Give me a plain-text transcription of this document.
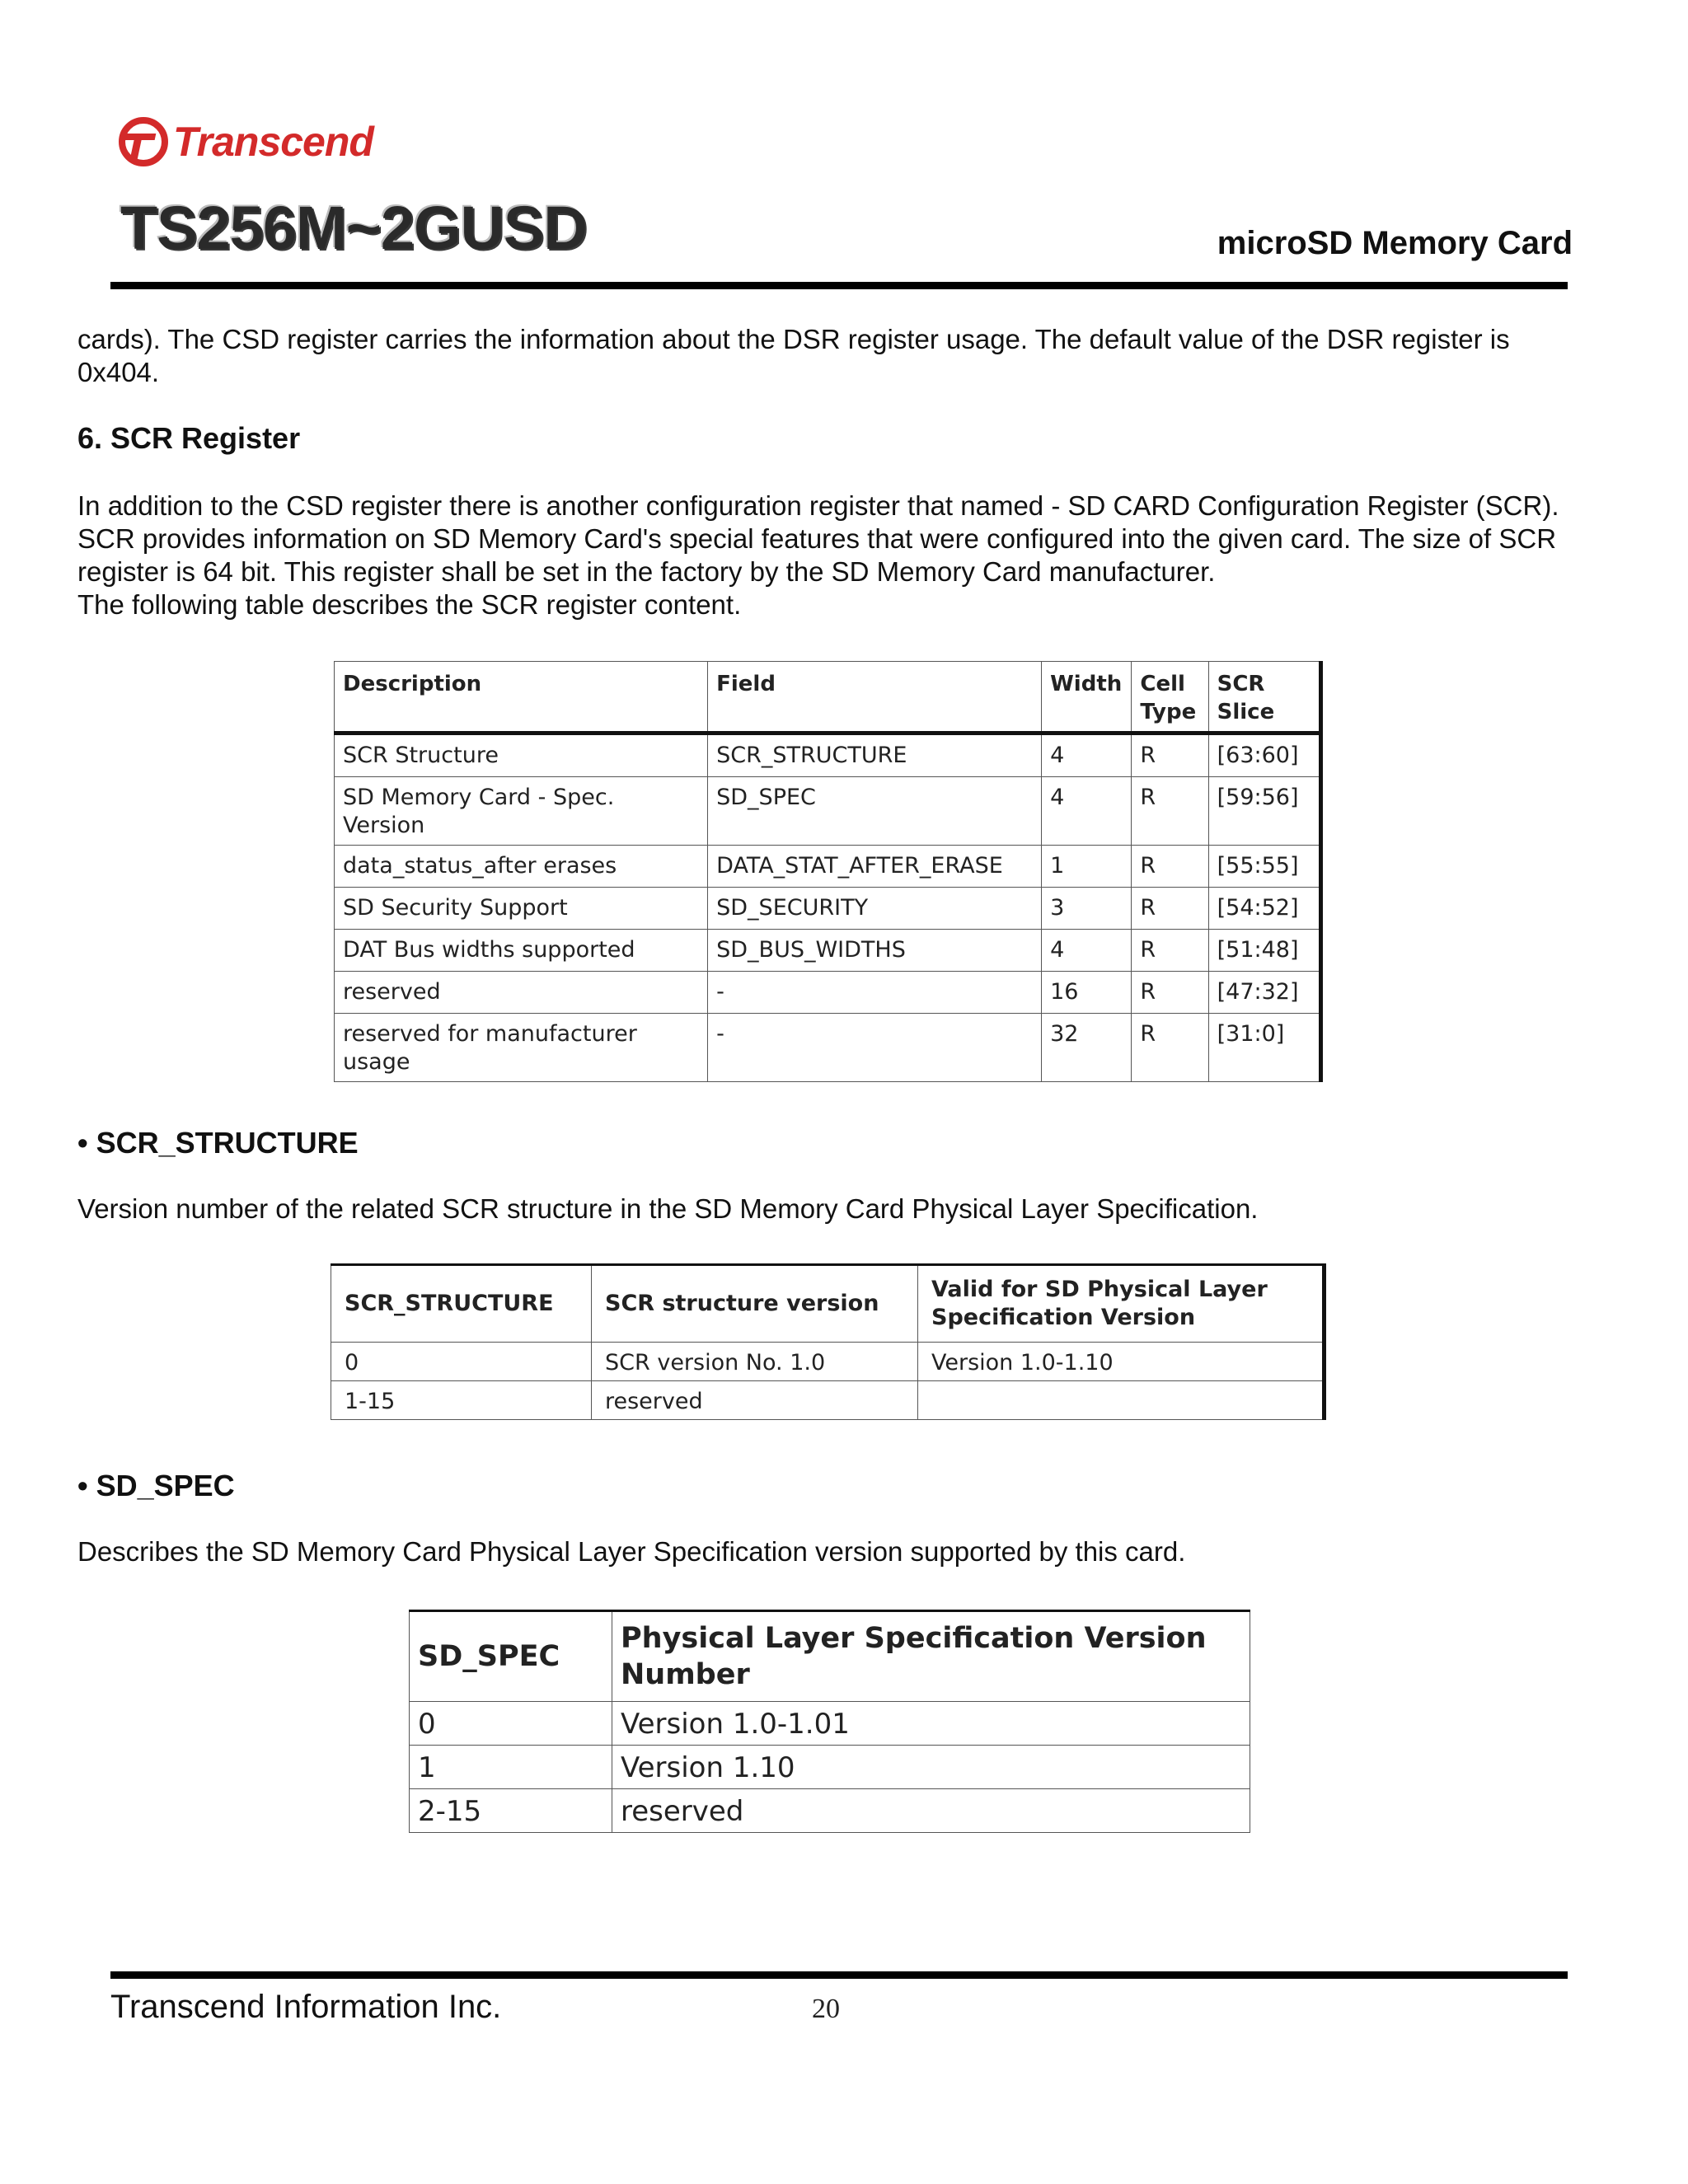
Transcend
TS256M~2GUSD	microSD Memory Card

cards). The CSD register carries the information about the DSR register usage. The default value of the DSR register is 0x404.

6. SCR Register

In addition to the CSD register there is another configuration register that named - SD CARD Configuration Register (SCR). SCR provides information on SD Memory Card's special features that were configured into the given card. The size of SCR register is 64 bit. This register shall be set in the factory by the SD Memory Card manufacturer.

The following table describes the SCR register content.

Description	Field	Width	Cell Type	SCR Slice
SCR Structure	SCR_STRUCTURE	4	R	[63:60]
SD Memory Card - Spec. Version	SD_SPEC	4	R	[59:56]
data_status_after erases	DATA_STAT_AFTER_ERASE	1	R	[55:55]
SD Security Support	SD_SECURITY	3	R	[54:52]
DAT Bus widths supported	SD_BUS_WIDTHS	4	R	[51:48]
reserved	-	16	R	[47:32]
reserved for manufacturer usage	-	32	R	[31:0]

• SCR_STRUCTURE

Version number of the related SCR structure in the SD Memory Card Physical Layer Specification.

SCR_STRUCTURE	SCR structure version	Valid for SD Physical Layer Specification Version
0	SCR version No. 1.0	Version 1.0-1.10
1-15	reserved	

• SD_SPEC

Describes the SD Memory Card Physical Layer Specification version supported by this card.

SD_SPEC	Physical Layer Specification Version Number
0	Version 1.0-1.01
1	Version 1.10
2-15	reserved
Transcend Information Inc.	20
